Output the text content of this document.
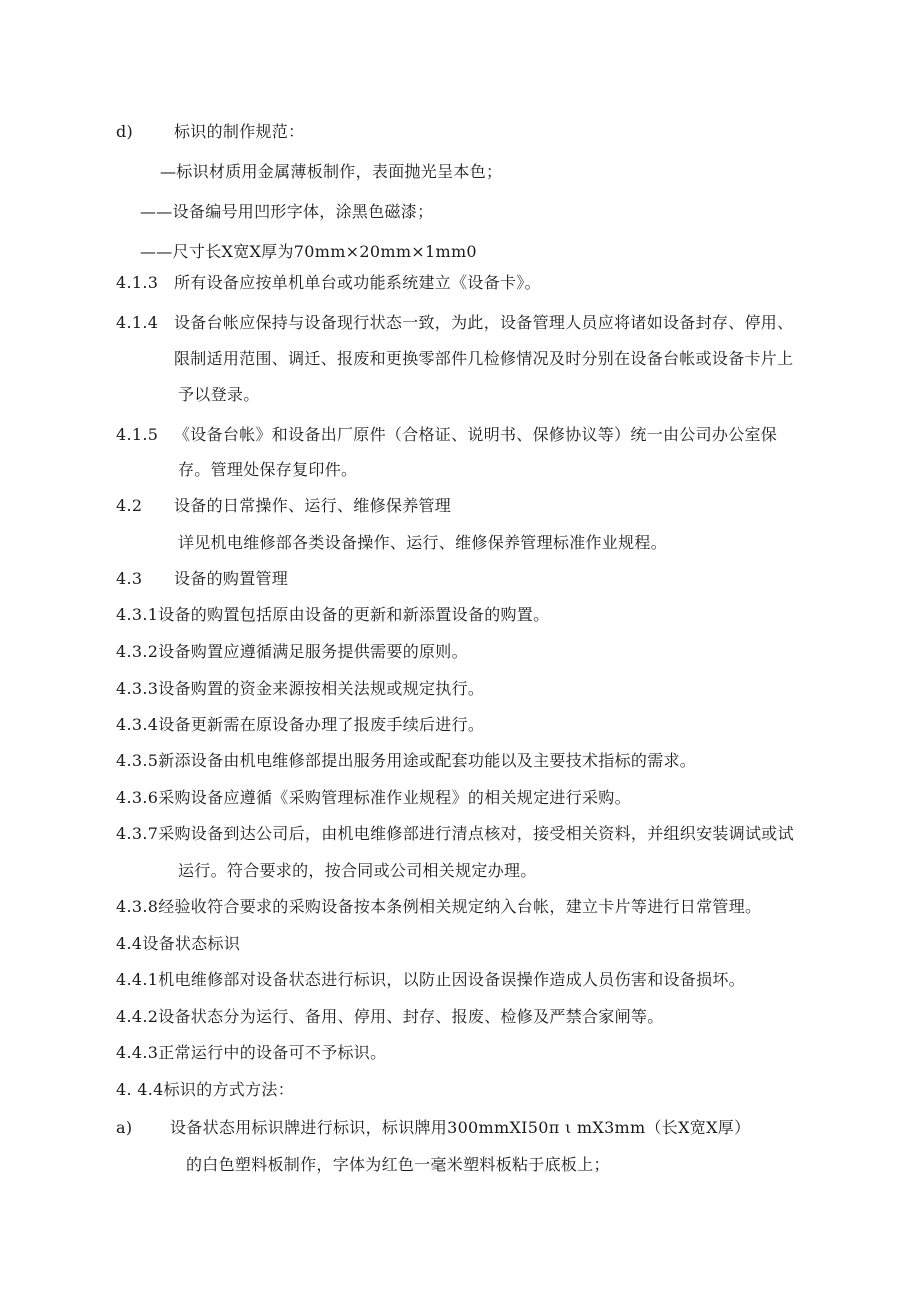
d)	标识的制作规范：
—标识材质用金属薄板制作，表面抛光呈本色；
——设备编号用凹形字体，涂黑色磁漆；
——尺寸长X宽X厚为70mm×20mm×1mm0
4.1.3 所有设备应按单机单台或功能系统建立《设备卡》。
4.1.4 设备台帐应保持与设备现行状态一致，为此，设备管理人员应将诸如设备封存、停用、
限制适用范围、调迁、报废和更换零部件几检修情况及时分别在设备台帐或设备卡片上
予以登录。
4.1.5 《设备台帐》和设备出厂原件（合格证、说明书、保修协议等）统一由公司办公室保
存。管理处保存复印件。
4.2 设备的日常操作、运行、维修保养管理
详见机电维修部各类设备操作、运行、维修保养管理标准作业规程。
4.3 设备的购置管理
4.3.1设备的购置包括原由设备的更新和新添置设备的购置。
4.3.2设备购置应遵循满足服务提供需要的原则。
4.3.3设备购置的资金来源按相关法规或规定执行。
4.3.4设备更新需在原设备办理了报废手续后进行。
4.3.5新添设备由机电维修部提出服务用途或配套功能以及主要技术指标的需求。
4.3.6采购设备应遵循《采购管理标准作业规程》的相关规定进行采购。
4.3.7采购设备到达公司后，由机电维修部进行清点核对，接受相关资料，并组织安装调试或试
运行。符合要求的，按合同或公司相关规定办理。
4.3.8经验收符合要求的采购设备按本条例相关规定纳入台帐，建立卡片等进行日常管理。
4.4设备状态标识
4.4.1机电维修部对设备状态进行标识，以防止因设备误操作造成人员伤害和设备损坏。
4.4.2设备状态分为运行、备用、停用、封存、报废、检修及严禁合家闸等。
4.4.3正常运行中的设备可不予标识。
4. 4.4标识的方式方法：
a) 设备状态用标识牌进行标识，标识牌用300mmXI50π ι mX3mm（长X宽X厚）
的白色塑料板制作，字体为红色一毫米塑料板粘于底板上；
